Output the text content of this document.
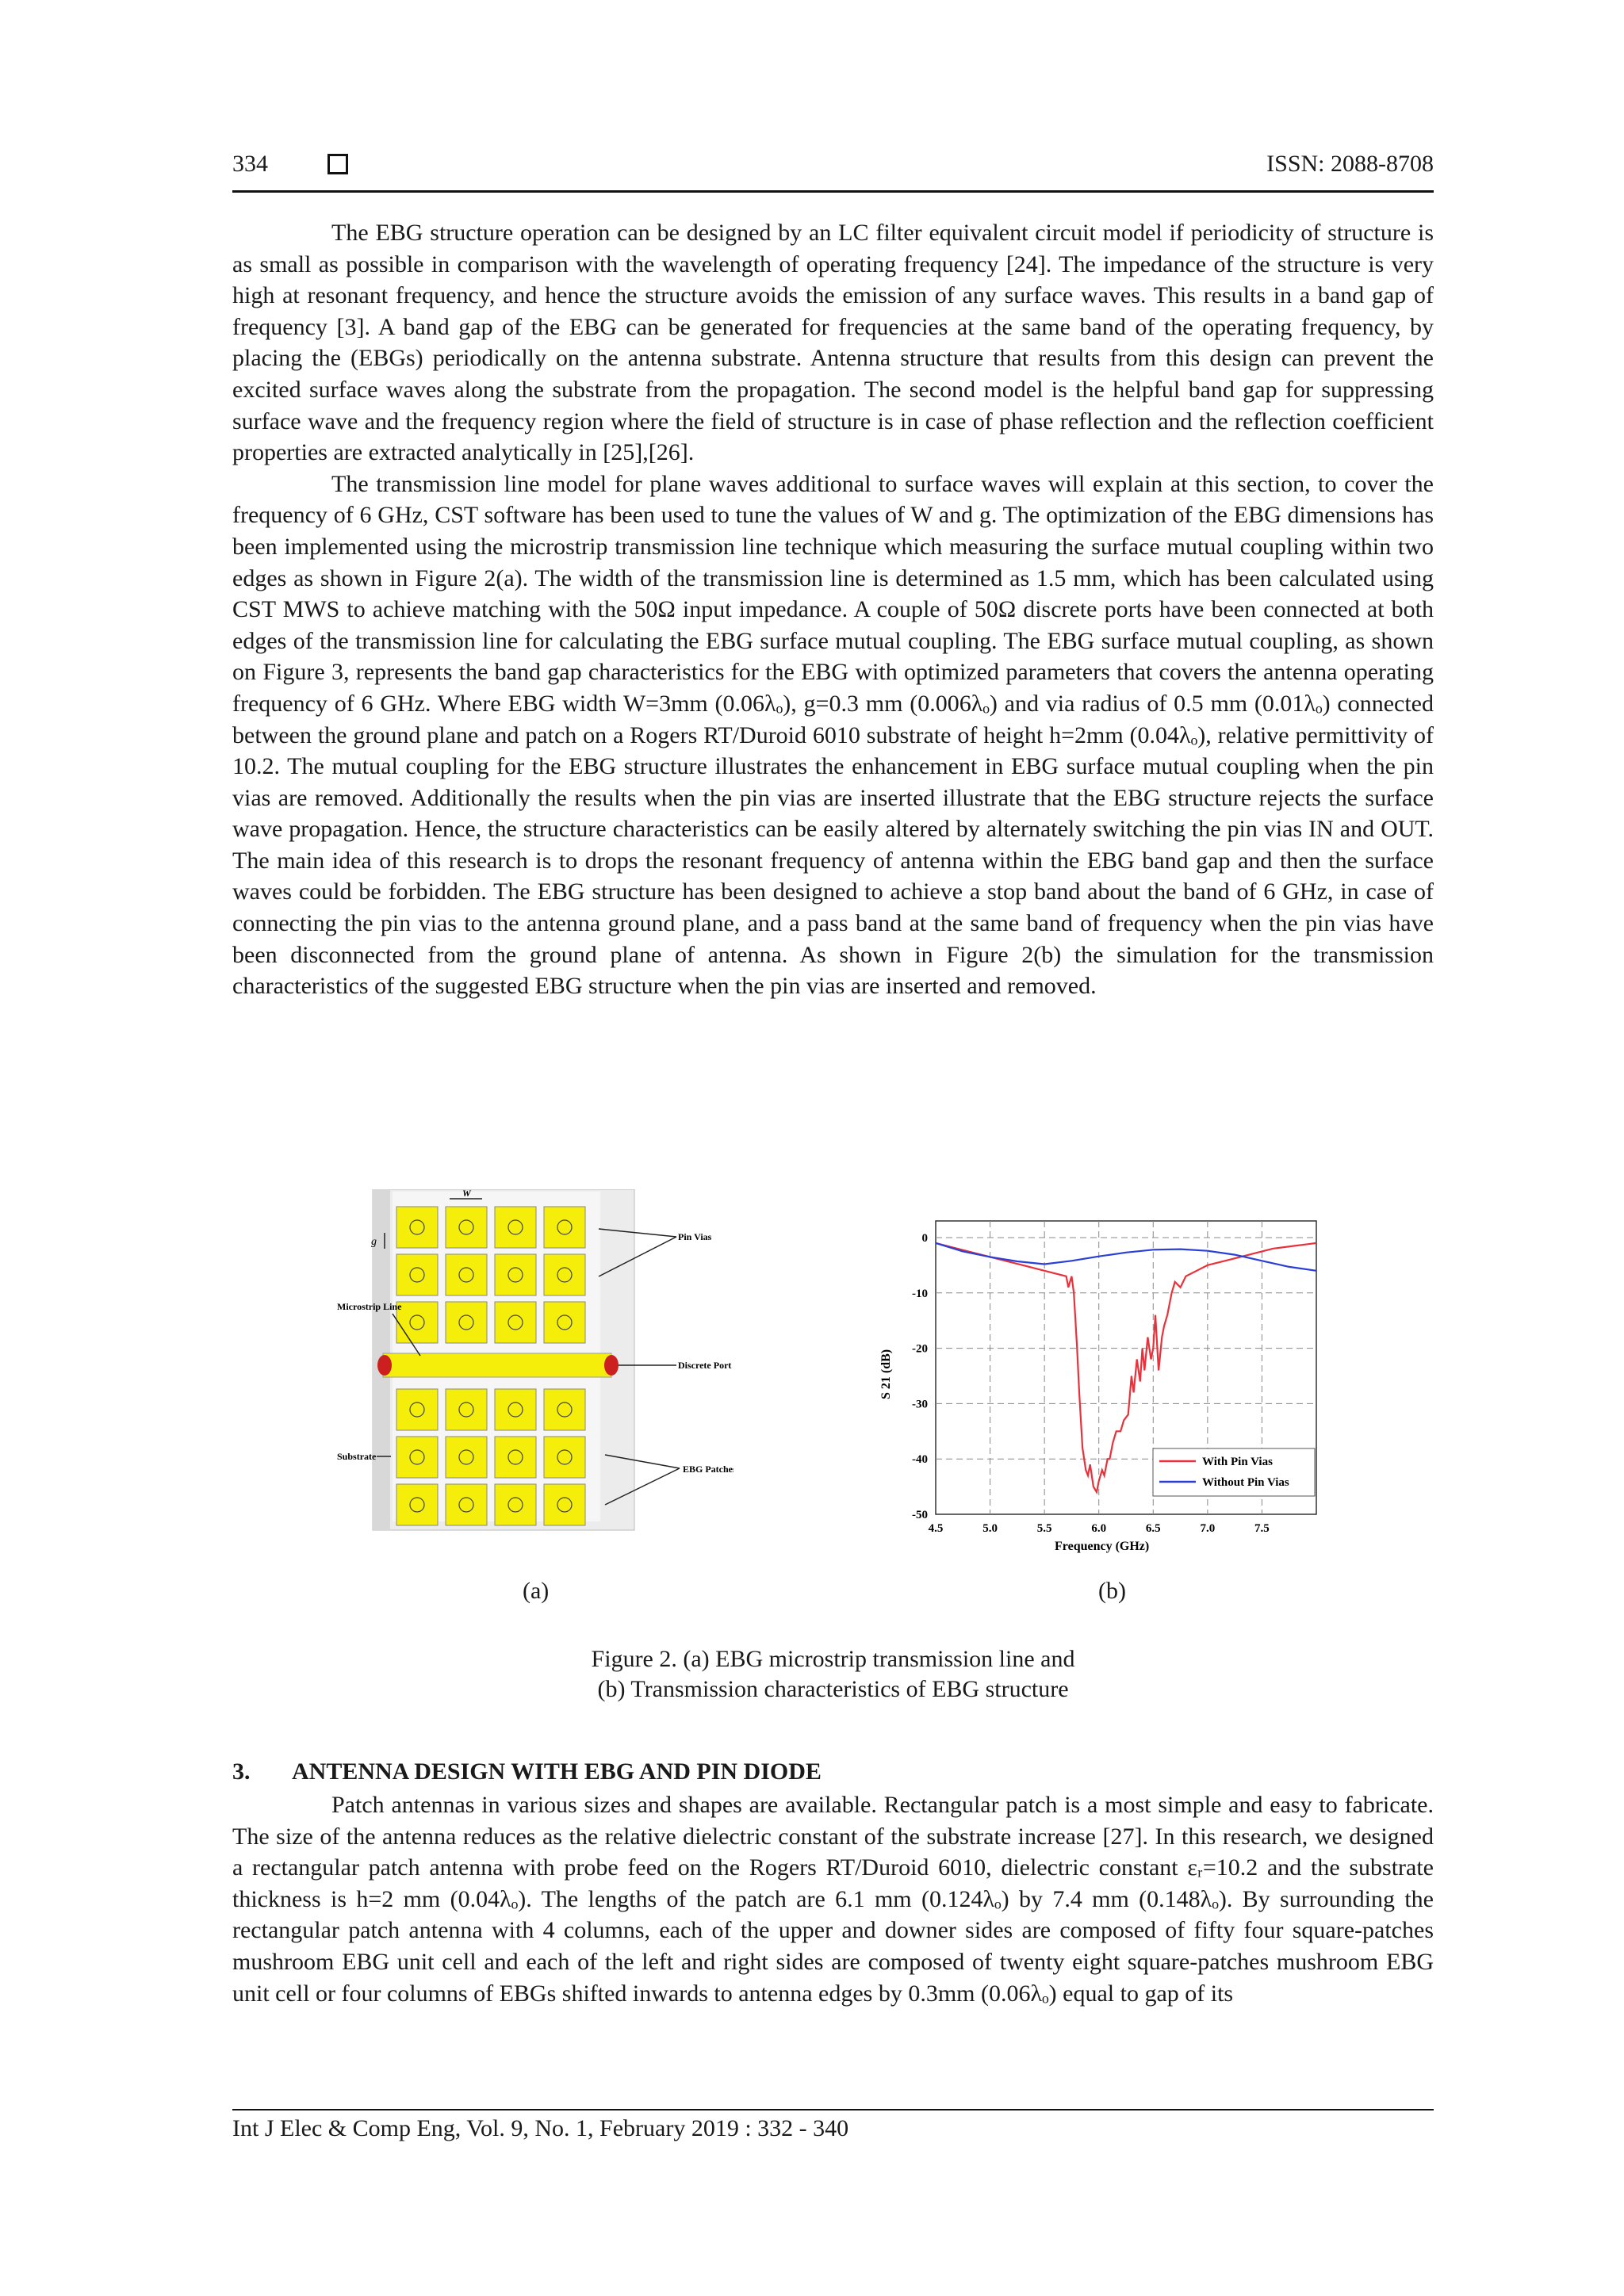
334	ISSN: 2088-8708

The EBG structure operation can be designed by an LC filter equivalent circuit model if periodicity of structure is as small as possible in comparison with the wavelength of operating frequency [24]. The impedance of the structure is very high at resonant frequency, and hence the structure avoids the emission of any surface waves. This results in a band gap of frequency [3]. A band gap of the EBG can be generated for frequencies at the same band of the operating frequency, by placing the (EBGs) periodically on the antenna substrate. Antenna structure that results from this design can prevent the excited surface waves along the substrate from the propagation. The second model is the helpful band gap for suppressing surface wave and the frequency region where the field of structure is in case of phase reflection and the reflection coefficient properties are extracted analytically in [25],[26].

The transmission line model for plane waves additional to surface waves will explain at this section, to cover the frequency of 6 GHz, CST software has been used to tune the values of W and g. The optimization of the EBG dimensions has been implemented using the microstrip transmission line technique which measuring the surface mutual coupling within two edges as shown in Figure 2(a). The width of the transmission line is determined as 1.5 mm, which has been calculated using CST MWS to achieve matching with the 50Ω input impedance. A couple of 50Ω discrete ports have been connected at both edges of the transmission line for calculating the EBG surface mutual coupling. The EBG surface mutual coupling, as shown on Figure 3, represents the band gap characteristics for the EBG with optimized parameters that covers the antenna operating frequency of 6 GHz. Where EBG width W=3mm (0.06λₒ), g=0.3 mm (0.006λₒ) and via radius of 0.5 mm (0.01λₒ) connected between the ground plane and patch on a Rogers RT/Duroid 6010 substrate of height h=2mm (0.04λₒ), relative permittivity of 10.2. The mutual coupling for the EBG structure illustrates the enhancement in EBG surface mutual coupling when the pin vias are removed. Additionally the results when the pin vias are inserted illustrate that the EBG structure rejects the surface wave propagation. Hence, the structure characteristics can be easily altered by alternately switching the pin vias IN and OUT. The main idea of this research is to drops the resonant frequency of antenna within the EBG band gap and then the surface waves could be forbidden. The EBG structure has been designed to achieve a stop band about the band of 6 GHz, in case of connecting the pin vias to the antenna ground plane, and a pass band at the same band of frequency when the pin vias have been disconnected from the ground plane of antenna. As shown in Figure 2(b) the simulation for the transmission characteristics of the suggested EBG structure when the pin vias are inserted and removed.

W
g	Pin Vias
Microstrip Line
Discrete Port
Substrate
EBG Patches
(a)
4.5	5.0	5.5	6.0	6.5	7.0	7.5
0
-10
-20
-30
-40
-50
Frequency (GHz)
S 21 (dB)
With Pin Vias
Without Pin Vias
(b)
Figure 2. (a) EBG microstrip transmission line and
(b) Transmission characteristics of EBG structure
3. ANTENNA DESIGN WITH EBG AND PIN DIODE

Patch antennas in various sizes and shapes are available. Rectangular patch is a most simple and easy to fabricate. The size of the antenna reduces as the relative dielectric constant of the substrate increase [27]. In this research, we designed a rectangular patch antenna with probe feed on the Rogers RT/Duroid 6010, dielectric constant εᵣ=10.2 and the substrate thickness is h=2 mm (0.04λₒ). The lengths of the patch are 6.1 mm (0.124λₒ) by 7.4 mm (0.148λₒ). By surrounding the rectangular patch antenna with 4 columns, each of the upper and downer sides are composed of fifty four square-patches mushroom EBG unit cell and each of the left and right sides are composed of twenty eight square-patches mushroom EBG unit cell or four columns of EBGs shifted inwards to antenna edges by 0.3mm (0.06λₒ) equal to gap of its

Int J Elec & Comp Eng, Vol. 9, No. 1, February 2019 : 332 - 340
